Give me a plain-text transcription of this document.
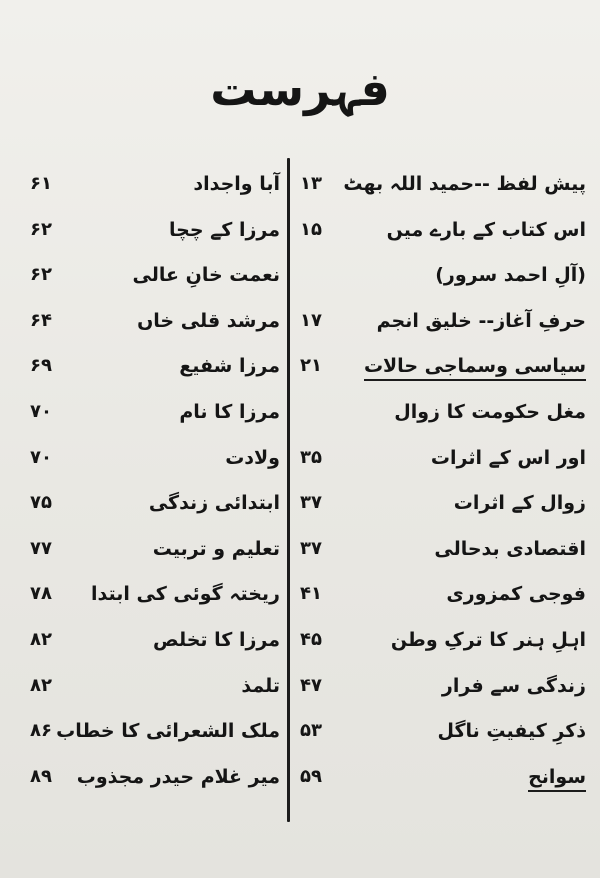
فہرست
پیش لفظ --حمید اللہ بھٹ
۱۳
اس کتاب کے بارے میں
۱۵
(آلِ احمد سرور)
حرفِ آغاز-- خلیق انجم
۱۷
سیاسی وسماجی حالات
۲۱
مغل حکومت کا زوال
اور اس کے اثرات
۳۵
زوال کے اثرات
۳۷
اقتصادی بدحالی
۳۷
فوجی کمزوری
۴۱
اہلِ ہنر کا ترکِ وطن
۴۵
زندگی سے فرار
۴۷
ذکرِ کیفیتِ ناگل
۵۳
سوانح
۵۹
آبا واجداد
۶۱
مرزا کے چچا
۶۲
نعمت خانِ عالی
۶۲
مرشد قلی خاں
۶۴
مرزا شفیع
۶۹
مرزا کا نام
۷۰
ولادت
۷۰
ابتدائی زندگی
۷۵
تعلیم و تربیت
۷۷
ریختہ گوئی کی ابتدا
۷۸
مرزا کا تخلص
۸۲
تلمذ
۸۲
ملک الشعرائی کا خطاب
۸۶
میر غلام حیدر مجذوب
۸۹
